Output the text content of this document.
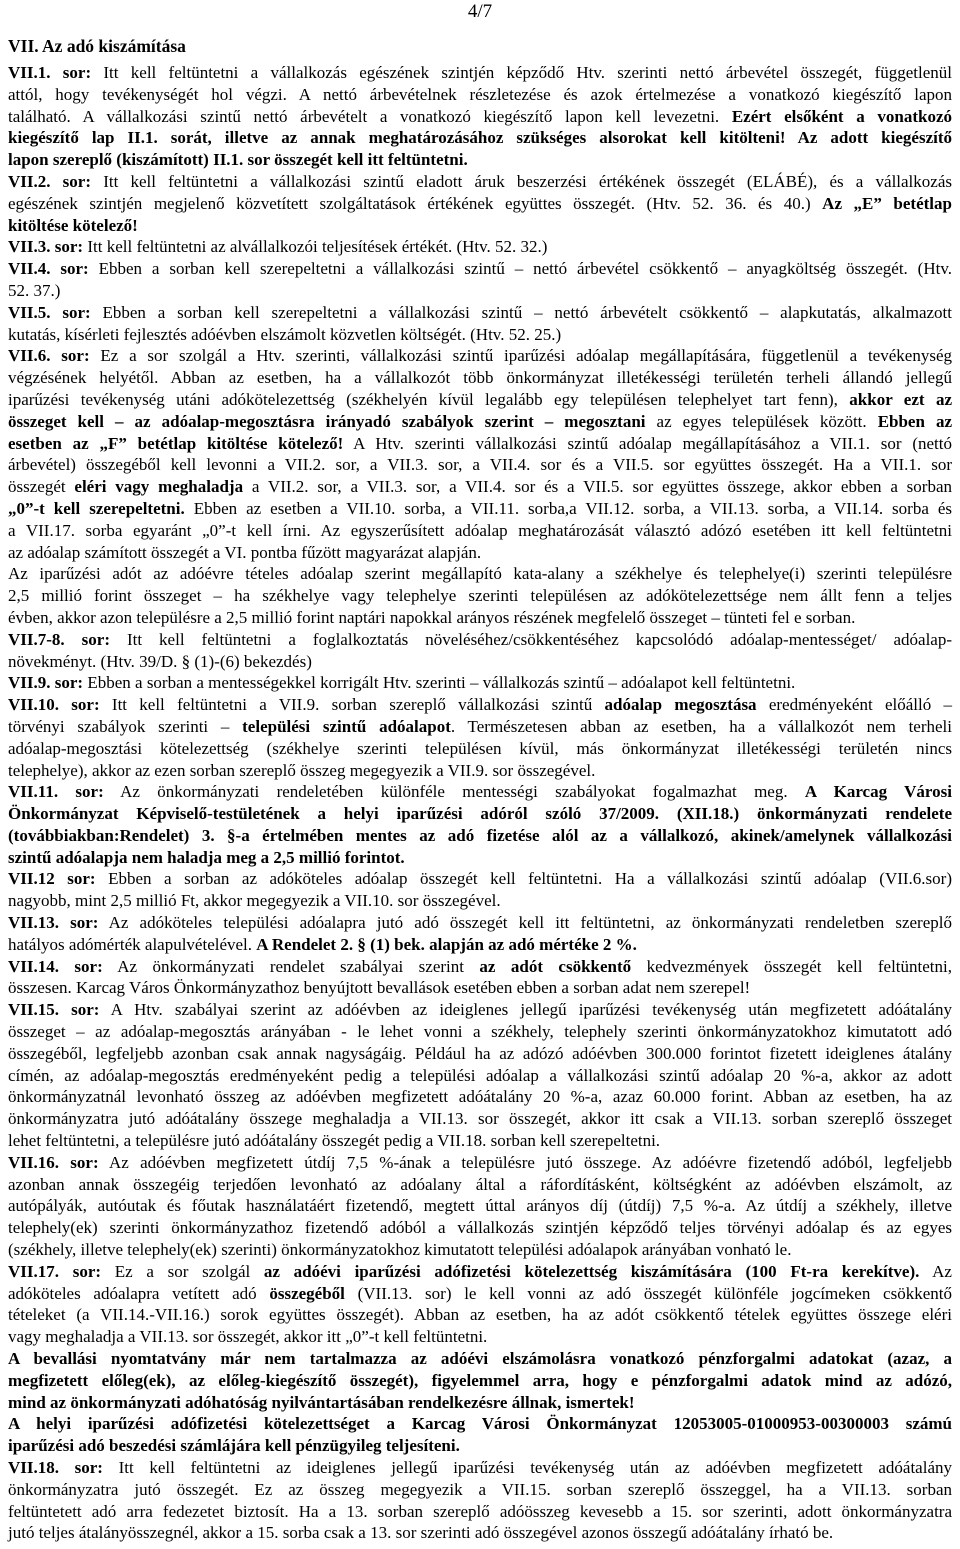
4/7
VII. Az adó kiszámítása
VII.1. sor: Itt kell feltüntetni a vállalkozás egészének szintjén képződő Htv. szerinti nettó árbevétel összegét, függetlenül
attól, hogy tevékenységét hol végzi. A nettó árbevételnek részletezése és azok értelmezése a vonatkozó kiegészítő lapon
található. A vállalkozási szintű nettó árbevételt a vonatkozó kiegészítő lapon kell levezetni. Ezért elsőként a vonatkozó
kiegészítő lap II.1. sorát, illetve az annak meghatározásához szükséges alsorokat kell kitölteni! Az adott kiegészítő
lapon szereplő (kiszámított) II.1. sor összegét kell itt feltüntetni.
VII.2. sor: Itt kell feltüntetni a vállalkozási szintű eladott áruk beszerzési értékének összegét (ELÁBÉ), és a vállalkozás
egészének szintjén megjelenő közvetített szolgáltatások értékének együttes összegét. (Htv. 52. 36. és 40.) Az „E” betétlap
kitöltése kötelező!
VII.3. sor: Itt kell feltüntetni az alvállalkozói teljesítések értékét. (Htv. 52. 32.)
VII.4. sor: Ebben a sorban kell szerepeltetni a vállalkozási szintű – nettó árbevétel csökkentő – anyagköltség összegét. (Htv.
52. 37.)
VII.5. sor: Ebben a sorban kell szerepeltetni a vállalkozási szintű – nettó árbevételt csökkentő – alapkutatás, alkalmazott
kutatás, kísérleti fejlesztés adóévben elszámolt közvetlen költségét. (Htv. 52. 25.)
VII.6. sor: Ez a sor szolgál a Htv. szerinti, vállalkozási szintű iparűzési adóalap megállapítására, függetlenül a tevékenység
végzésének helyétől. Abban az esetben, ha a vállalkozót több önkormányzat illetékességi területén terheli állandó jellegű
iparűzési tevékenység utáni adókötelezettség (székhelyén kívül legalább egy településen telephelyet tart fenn), akkor ezt az
összeget kell – az adóalap-megosztásra irányadó szabályok szerint – megosztani az egyes települések között. Ebben az
esetben az „F” betétlap kitöltése kötelező! A Htv. szerinti vállalkozási szintű adóalap megállapításához a VII.1. sor (nettó
árbevétel) összegéből kell levonni a VII.2. sor, a VII.3. sor, a VII.4. sor és a VII.5. sor együttes összegét. Ha a VII.1. sor
összegét eléri vagy meghaladja a VII.2. sor, a VII.3. sor, a VII.4. sor és a VII.5. sor együttes összege, akkor ebben a sorban
„0”-t kell szerepeltetni. Ebben az esetben a VII.10. sorba, a VII.11. sorba,a VII.12. sorba, a VII.13. sorba, a VII.14. sorba és
a VII.17. sorba egyaránt „0”-t kell írni. Az egyszerűsített adóalap meghatározását választó adózó esetében itt kell feltüntetni
az adóalap számított összegét a VI. pontba fűzött magyarázat alapján.
Az iparűzési adót az adóévre tételes adóalap szerint megállapító kata-alany a székhelye és telephelye(i) szerinti településre
2,5 millió forint összeget – ha székhelye vagy telephelye szerinti településen az adókötelezettsége nem állt fenn a teljes
évben, akkor azon településre a 2,5 millió forint naptári napokkal arányos részének megfelelő összeget – tünteti fel e sorban.
VII.7-8. sor: Itt kell feltüntetni a foglalkoztatás növeléséhez/csökkentéséhez kapcsolódó adóalap-mentességet/ adóalap-
növekményt. (Htv. 39/D. § (1)-(6) bekezdés)
VII.9. sor: Ebben a sorban a mentességekkel korrigált Htv. szerinti – vállalkozás szintű – adóalapot kell feltüntetni.
VII.10. sor: Itt kell feltüntetni a VII.9. sorban szereplő vállalkozási szintű adóalap megosztása eredményeként előálló –
törvényi szabályok szerinti – települési szintű adóalapot. Természetesen abban az esetben, ha a vállalkozót nem terheli
adóalap-megosztási kötelezettség (székhelye szerinti településen kívül, más önkormányzat illetékességi területén nincs
telephelye), akkor az ezen sorban szereplő összeg megegyezik a VII.9. sor összegével.
VII.11. sor: Az önkormányzati rendeletében különféle mentességi szabályokat fogalmazhat meg. A Karcag Városi
Önkormányzat Képviselő-testületének a helyi iparűzési adóról szóló 37/2009. (XII.18.) önkormányzati rendelete
(továbbiakban:Rendelet) 3. §-a értelmében mentes az adó fizetése alól az a vállalkozó, akinek/amelynek vállalkozási
szintű adóalapja nem haladja meg a 2,5 millió forintot.
VII.12 sor: Ebben a sorban az adóköteles adóalap összegét kell feltüntetni. Ha a vállalkozási szintű adóalap (VII.6.sor)
nagyobb, mint 2,5 millió Ft, akkor megegyezik a VII.10. sor összegével.
VII.13. sor: Az adóköteles települési adóalapra jutó adó összegét kell itt feltüntetni, az önkormányzati rendeletben szereplő
hatályos adómérték alapulvételével. A Rendelet 2. § (1) bek. alapján az adó mértéke 2 %.
VII.14. sor: Az önkormányzati rendelet szabályai szerint az adót csökkentő kedvezmények összegét kell feltüntetni,
összesen. Karcag Város Önkormányzathoz benyújtott bevallások esetében ebben a sorban adat nem szerepel!
VII.15. sor: A Htv. szabályai szerint az adóévben az ideiglenes jellegű iparűzési tevékenység után megfizetett adóátalány
összeget – az adóalap-megosztás arányában - le lehet vonni a székhely, telephely szerinti önkormányzatokhoz kimutatott adó
összegéből, legfeljebb azonban csak annak nagyságáig. Például ha az adózó adóévben 300.000 forintot fizetett ideiglenes átalány
címén, az adóalap-megosztás eredményeként pedig a települési adóalap a vállalkozási szintű adóalap 20 %-a, akkor az adott
önkormányzatnál levonható összeg az adóévben megfizetett adóátalány 20 %-a, azaz 60.000 forint. Abban az esetben, ha az
önkormányzatra jutó adóátalány összege meghaladja a VII.13. sor összegét, akkor itt csak a VII.13. sorban szereplő összeget
lehet feltüntetni, a településre jutó adóátalány összegét pedig a VII.18. sorban kell szerepeltetni.
VII.16. sor: Az adóévben megfizetett útdíj 7,5 %-ának a településre jutó összege. Az adóévre fizetendő adóból, legfeljebb
azonban annak összegéig terjedően levonható az adóalany által a ráfordításként, költségként az adóévben elszámolt, az
autópályák, autóutak és főutak használatáért fizetendő, megtett úttal arányos díj (útdíj) 7,5 %-a. Az útdíj a székhely, illetve
telephely(ek) szerinti önkormányzathoz fizetendő adóból a vállalkozás szintjén képződő teljes törvényi adóalap és az egyes
(székhely, illetve telephely(ek) szerinti) önkormányzatokhoz kimutatott települési adóalapok arányában vonható le.
VII.17. sor: Ez a sor szolgál az adóévi iparűzési adófizetési kötelezettség kiszámítására (100 Ft-ra kerekítve). Az
adóköteles adóalapra vetített adó összegéből (VII.13. sor) le kell vonni az adó összegét különféle jogcímeken csökkentő
tételeket (a VII.14.-VII.16.) sorok együttes összegét). Abban az esetben, ha az adót csökkentő tételek együttes összege eléri
vagy meghaladja a VII.13. sor összegét, akkor itt „0”-t kell feltüntetni.
A bevallási nyomtatvány már nem tartalmazza az adóévi elszámolásra vonatkozó pénzforgalmi adatokat (azaz, a
megfizetett előleg(ek), az előleg-kiegészítő összegét), figyelemmel arra, hogy e pénzforgalmi adatok mind az adózó,
mind az önkormányzati adóhatóság nyilvántartásában rendelkezésre állnak, ismertek!
A helyi iparűzési adófizetési kötelezettséget a Karcag Városi Önkormányzat 12053005-01000953-00300003 számú
iparűzési adó beszedési számlájára kell pénzügyileg teljesíteni.
VII.18. sor: Itt kell feltüntetni az ideiglenes jellegű iparűzési tevékenység után az adóévben megfizetett adóátalány
önkormányzatra jutó összegét. Ez az összeg megegyezik a VII.15. sorban szereplő összeggel, ha a VII.13. sorban
feltüntetett adó arra fedezetet biztosít. Ha a 13. sorban szereplő adóösszeg kevesebb a 15. sor szerinti, adott önkormányzatra
jutó teljes átalányösszegnél, akkor a 15. sorba csak a 13. sor szerinti adó összegével azonos összegű adóátalány írható be.
